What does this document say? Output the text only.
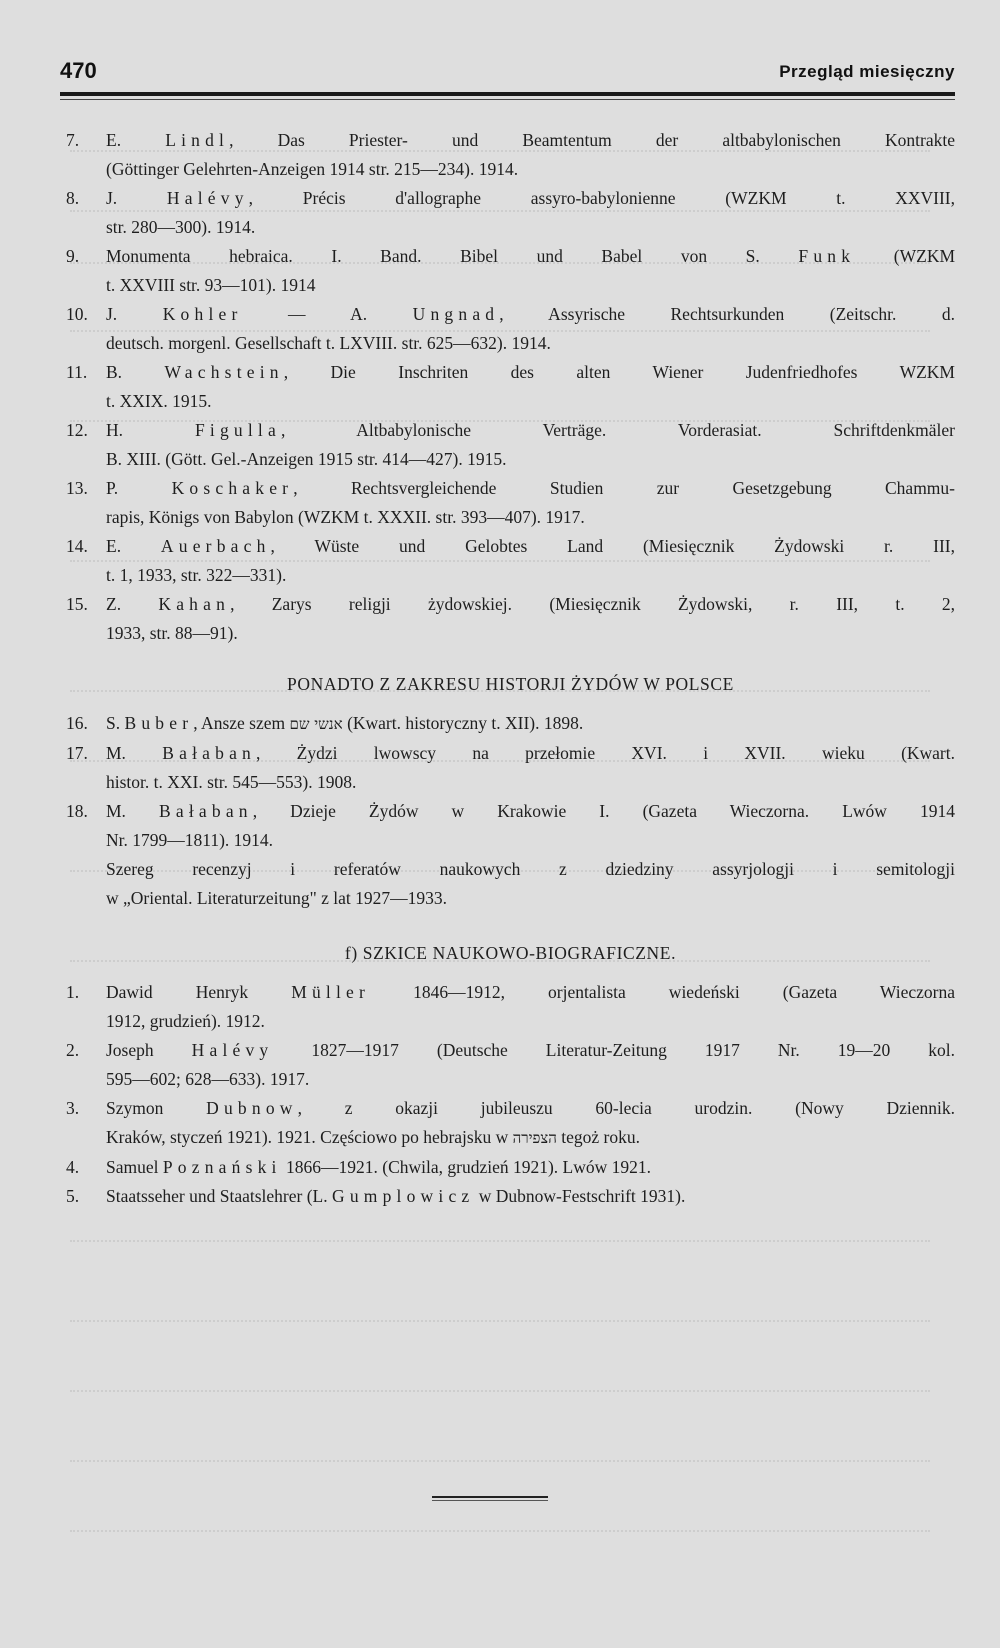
470	Przegląd miesięczny
7. E. Lindl, Das Priester- und Beamtentum der altbabylonischen Kontrakte
(Göttinger Gelehrten-Anzeigen 1914 str. 215—234). 1914.
8. J. Halévy, Précis d'allographe assyro-babylonienne (WZKM t. XXVIII,
str. 280—300). 1914.
9. Monumenta hebraica. I. Band. Bibel und Babel von S. Funk (WZKM
t. XXVIII str. 93—101). 1914
10. J. Kohler — A. Ungnad, Assyrische Rechtsurkunden (Zeitschr. d.
deutsch. morgenl. Gesellschaft t. LXVIII. str. 625—632). 1914.
11. B. Wachstein, Die Inschriten des alten Wiener Judenfriedhofes WZKM
t. XXIX. 1915.
12. H. Figulla, Altbabylonische Verträge. Vorderasiat. Schriftdenkmäler
B. XIII. (Gött. Gel.-Anzeigen 1915 str. 414—427). 1915.
13. P. Koschaker, Rechtsvergleichende Studien zur Gesetzgebung Chammu-
rapis, Königs von Babylon (WZKM t. XXXII. str. 393—407). 1917.
14. E. Auerbach, Wüste und Gelobtes Land (Miesięcznik Żydowski r. III,
t. 1, 1933, str. 322—331).
15. Z. Kahan, Zarys religji żydowskiej. (Miesięcznik Żydowski, r. III, t. 2,
1933, str. 88—91).
PONADTO Z ZAKRESU HISTORJI ŻYDÓW W POLSCE
16. S. Buber, Ansze szem אנשי שם (Kwart. historyczny t. XII). 1898.
17. M. Bałaban, Żydzi lwowscy na przełomie XVI. i XVII. wieku (Kwart.
histor. t. XXI. str. 545—553). 1908.
18. M. Bałaban, Dzieje Żydów w Krakowie I. (Gazeta Wieczorna. Lwów 1914
Nr. 1799—1811). 1914.
Szereg recenzyj i referatów naukowych z dziedziny assyrjologji i semitologji
w „Oriental. Literaturzeitung" z lat 1927—1933.
f) SZKICE NAUKOWO-BIOGRAFICZNE.
1. Dawid Henryk Müller 1846—1912, orjentalista wiedeński (Gazeta Wieczorna
1912, grudzień). 1912.
2. Joseph Halévy 1827—1917 (Deutsche Literatur-Zeitung 1917 Nr. 19—20 kol.
595—602; 628—633). 1917.
3. Szymon Dubnow, z okazji jubileuszu 60-lecia urodzin. (Nowy Dziennik.
Kraków, styczeń 1921). 1921. Częściowo po hebrajsku w הצפירה tegoż roku.
4. Samuel Poznański 1866—1921. (Chwila, grudzień 1921). Lwów 1921.
5. Staatsseher und Staatslehrer (L. Gumplowicz w Dubnow-Festschrift 1931).
